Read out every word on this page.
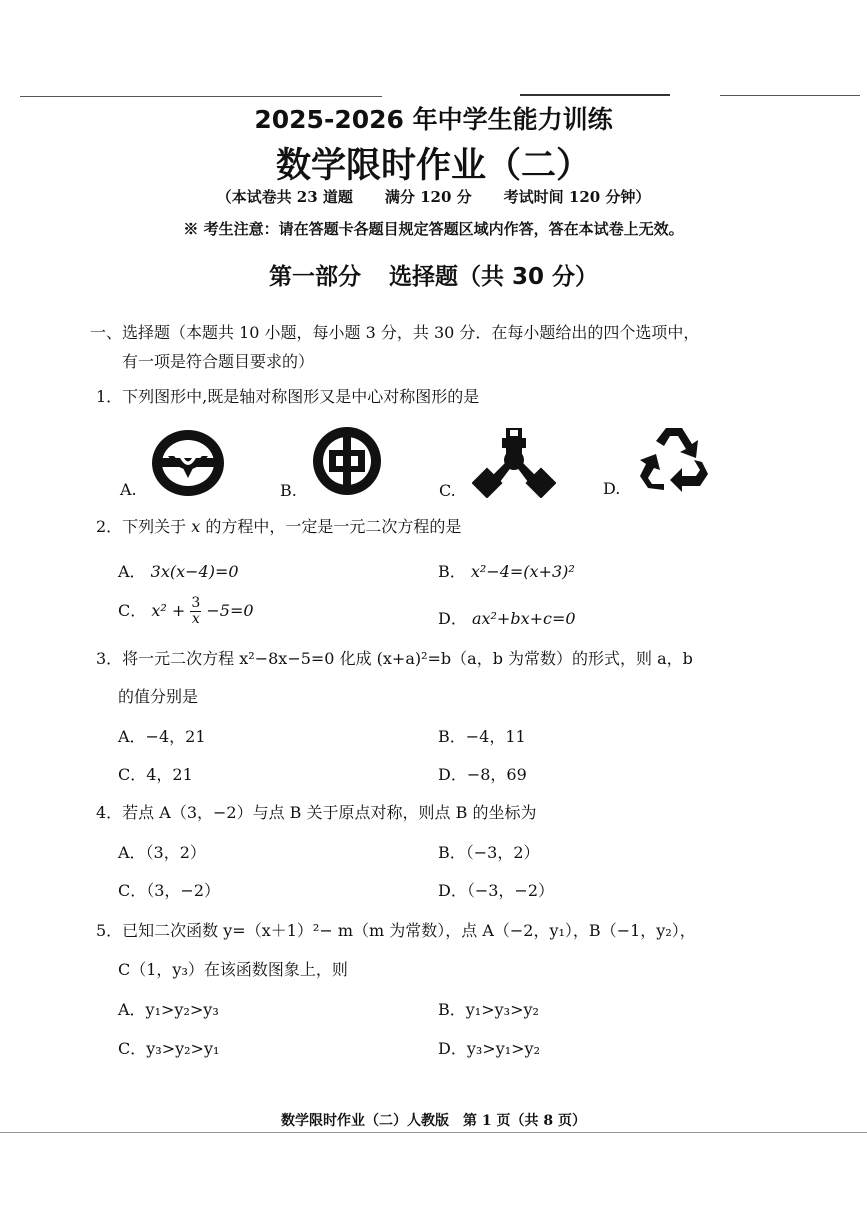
2025-2026 年中学生能力训练
数学限时作业（二）
（本试卷共 23 道题 满分 120 分 考试时间 120 分钟）
※ 考生注意：请在答题卡各题目规定答题区域内作答，答在本试卷上无效。
第一部分 选择题（共 30 分）
一、选择题（本题共 10 小题，每小题 3 分，共 30 分．在每小题给出的四个选项中，
有一项是符合题目要求的）
1．下列图形中,既是轴对称图形又是中心对称图形的是
A.	B.	C.	D.
2．下列关于 x 的方程中，一定是一元二次方程的是
A． 3x(x−4)=0	B． x²−4=(x+3)²
C． $x^2 + \frac{3}{x} -5=0$	D． ax²+bx+c=0
3．将一元二次方程 x²−8x−5=0 化成 (x+a)²=b（a，b 为常数）的形式，则 a，b
的值分别是
A．−4，21	B．−4，11
C．4，21	D．−8，69
4．若点 A（3，−2）与点 B 关于原点对称，则点 B 的坐标为
A．（3，2）	B．（−3，2）
C．（3，−2）	D．（−3，−2）
5．已知二次函数 y=（x＋1）²− m（m 为常数），点 A（−2，y₁），B（−1，y₂），
C（1，y₃）在该函数图象上，则
A．y₁>y₂>y₃	B．y₁>y₃>y₂
C．y₃>y₂>y₁	D．y₃>y₁>y₂
数学限时作业（二）人教版　第 1 页（共 8 页）
